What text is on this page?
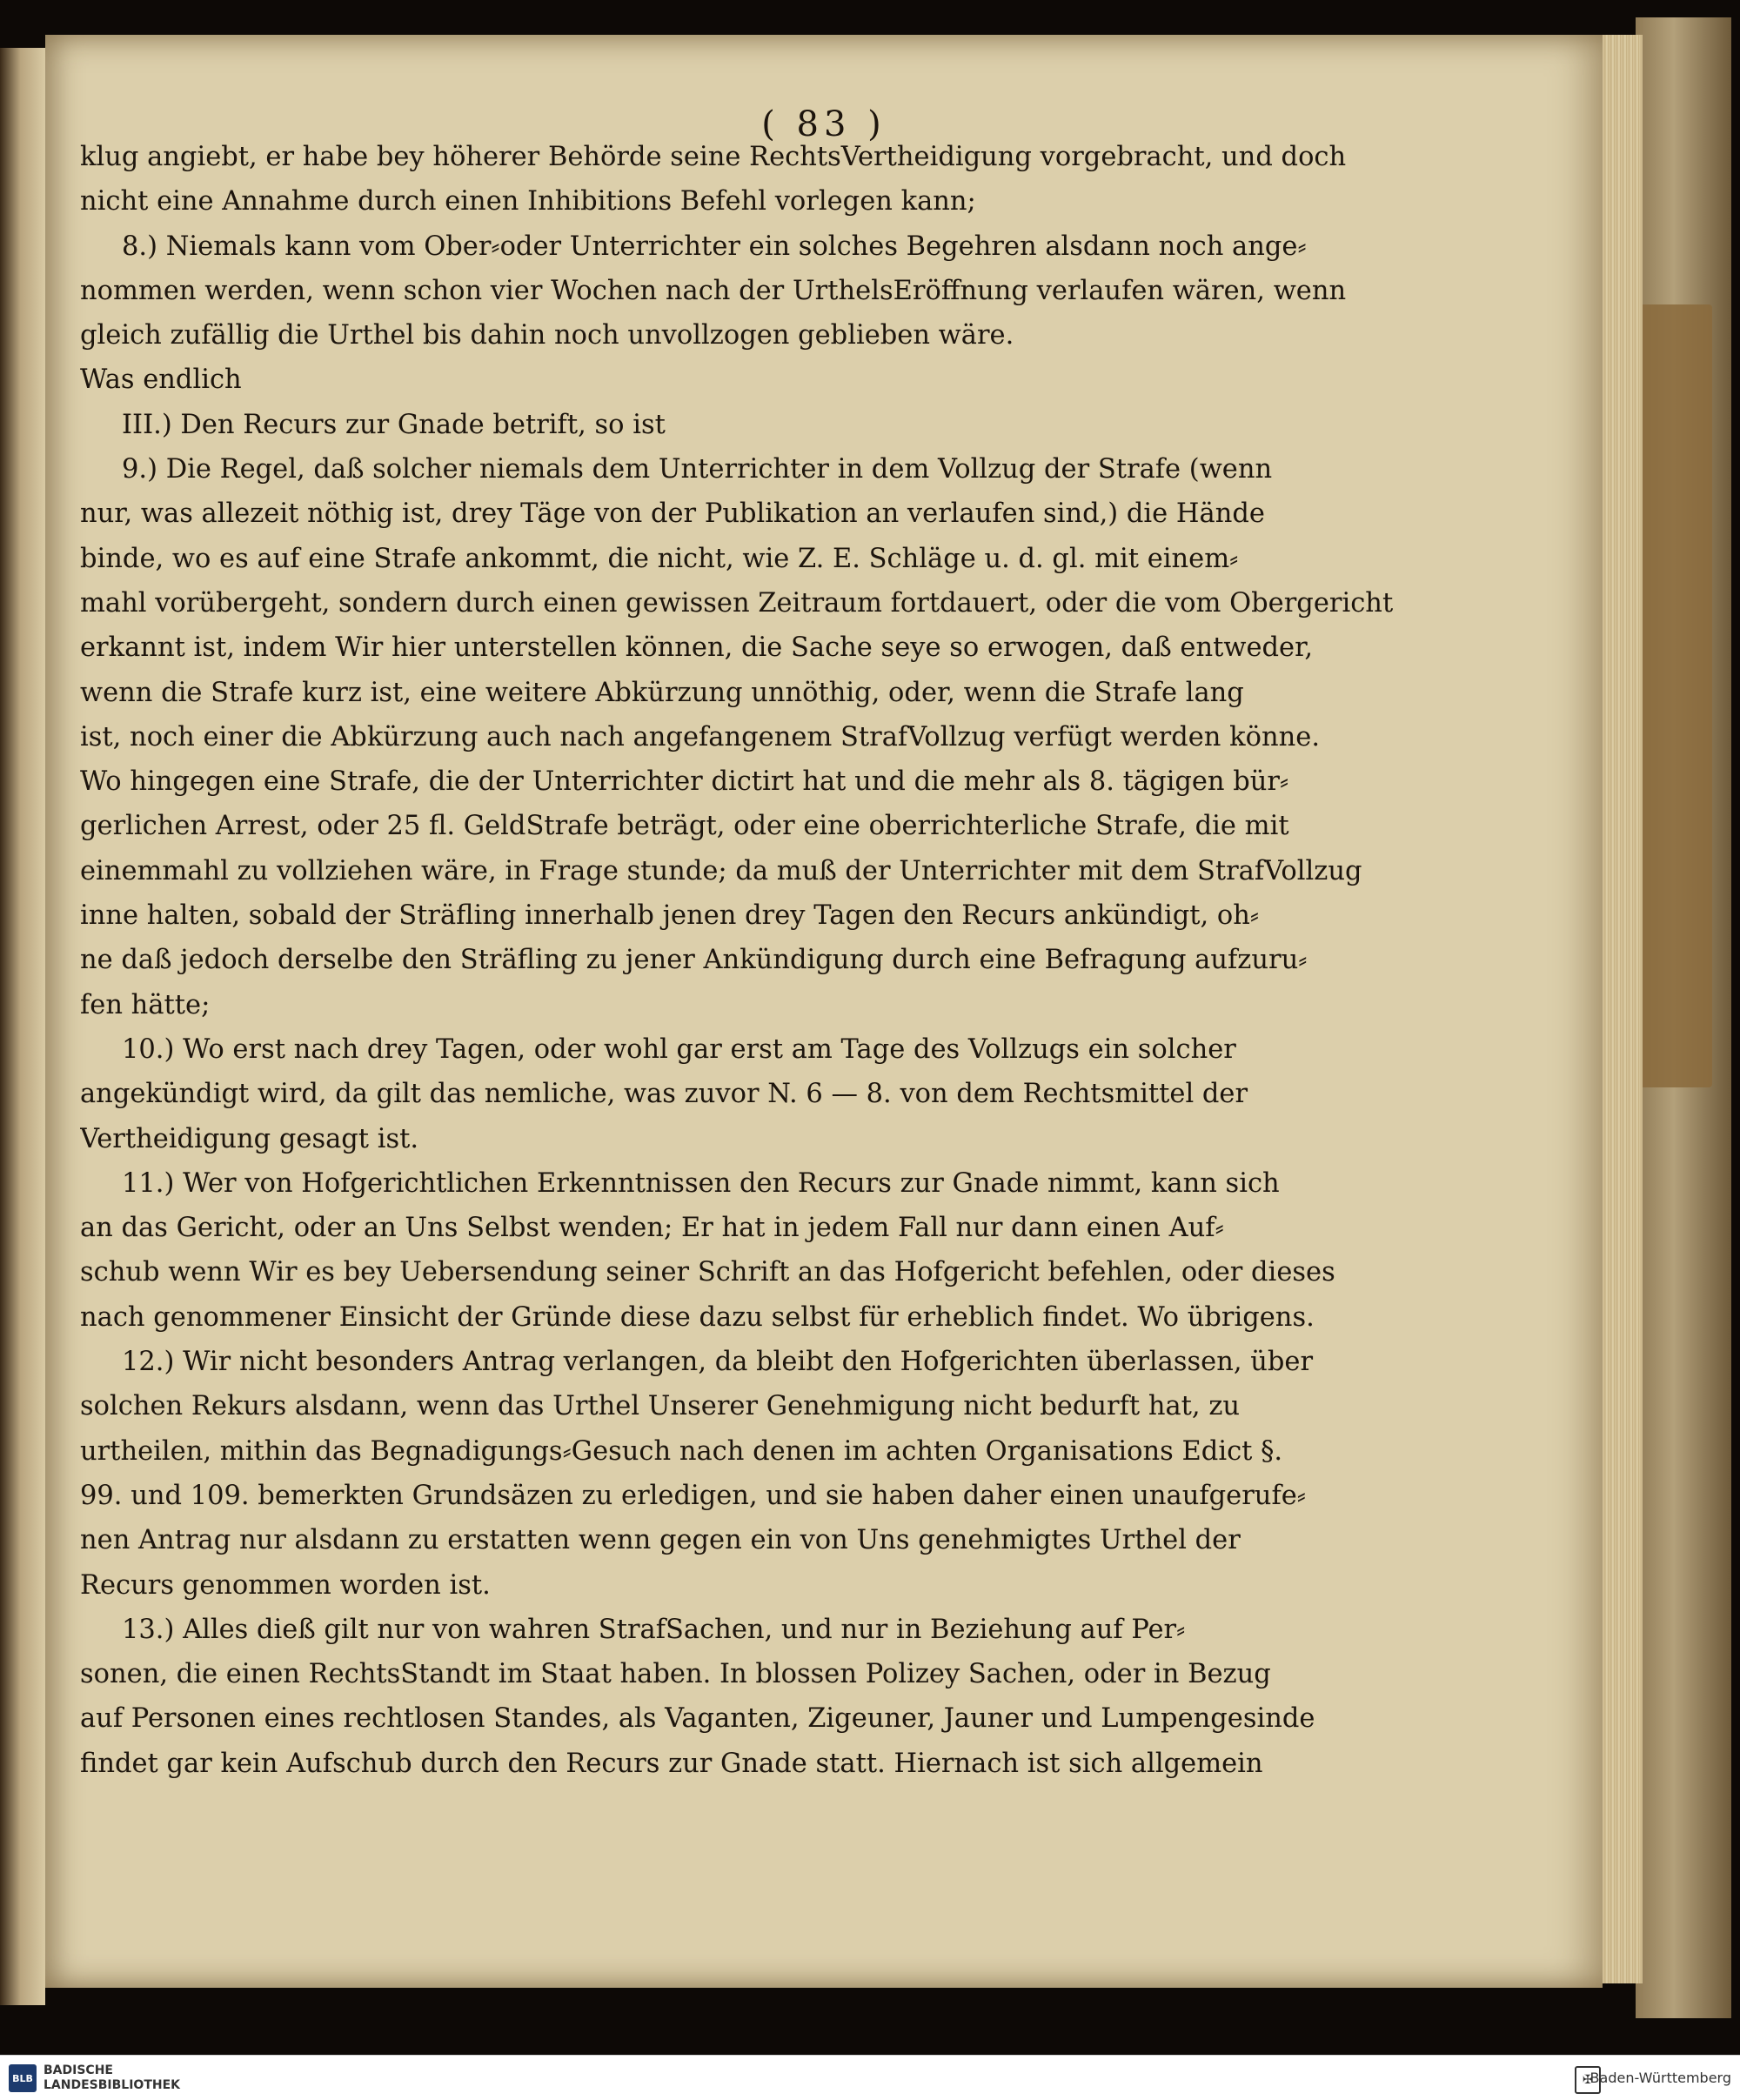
( 83 )
klug angiebt, er habe bey höherer Behörde seine RechtsVertheidigung vorgebracht, und doch
nicht eine Annahme durch einen Inhibitions Befehl vorlegen kann;
8.) Niemals kann vom Ober⸗oder Unterrichter ein solches Begehren alsdann noch ange⸗
nommen werden, wenn schon vier Wochen nach der UrthelsEröffnung verlaufen wären, wenn
gleich zufällig die Urthel bis dahin noch unvollzogen geblieben wäre.
Was endlich
III.) Den Recurs zur Gnade betrift, so ist
9.) Die Regel, daß solcher niemals dem Unterrichter in dem Vollzug der Strafe (wenn
nur, was allezeit nöthig ist, drey Täge von der Publikation an verlaufen sind,) die Hände
binde, wo es auf eine Strafe ankommt, die nicht, wie Z. E. Schläge u. d. gl. mit einem⸗
mahl vorübergeht, sondern durch einen gewissen Zeitraum fortdauert, oder die vom Obergericht
erkannt ist, indem Wir hier unterstellen können, die Sache seye so erwogen, daß entweder,
wenn die Strafe kurz ist, eine weitere Abkürzung unnöthig, oder, wenn die Strafe lang
ist, noch einer die Abkürzung auch nach angefangenem StrafVollzug verfügt werden könne.
Wo hingegen eine Strafe, die der Unterrichter dictirt hat und die mehr als 8. tägigen bür⸗
gerlichen Arrest, oder 25 fl. GeldStrafe beträgt, oder eine oberrichterliche Strafe, die mit
einemmahl zu vollziehen wäre, in Frage stunde; da muß der Unterrichter mit dem StrafVollzug
inne halten, sobald der Sträfling innerhalb jenen drey Tagen den Recurs ankündigt, oh⸗
ne daß jedoch derselbe den Sträfling zu jener Ankündigung durch eine Befragung aufzuru⸗
fen hätte;
10.) Wo erst nach drey Tagen, oder wohl gar erst am Tage des Vollzugs ein solcher
angekündigt wird, da gilt das nemliche, was zuvor N. 6 — 8. von dem Rechtsmittel der
Vertheidigung gesagt ist.
11.) Wer von Hofgerichtlichen Erkenntnissen den Recurs zur Gnade nimmt, kann sich
an das Gericht, oder an Uns Selbst wenden; Er hat in jedem Fall nur dann einen Auf⸗
schub wenn Wir es bey Uebersendung seiner Schrift an das Hofgericht befehlen, oder dieses
nach genommener Einsicht der Gründe diese dazu selbst für erheblich findet. Wo übrigens.
12.) Wir nicht besonders Antrag verlangen, da bleibt den Hofgerichten überlassen, über
solchen Rekurs alsdann, wenn das Urthel Unserer Genehmigung nicht bedurft hat, zu
urtheilen, mithin das Begnadigungs⸗Gesuch nach denen im achten Organisations Edict §.
99. und 109. bemerkten Grundsäzen zu erledigen, und sie haben daher einen unaufgerufe⸗
nen Antrag nur alsdann zu erstatten wenn gegen ein von Uns genehmigtes Urthel der
Recurs genommen worden ist.
13.) Alles dieß gilt nur von wahren StrafSachen, und nur in Beziehung auf Per⸗
sonen, die einen RechtsStandt im Staat haben. In blossen Polizey Sachen, oder in Bezug
auf Personen eines rechtlosen Standes, als Vaganten, Zigeuner, Jauner und Lumpengesinde
findet gar kein Aufschub durch den Recurs zur Gnade statt. Hiernach ist sich allgemein
BLB
BADISCHE
LANDESBIBLIOTHEK	✠
Baden-Württemberg
